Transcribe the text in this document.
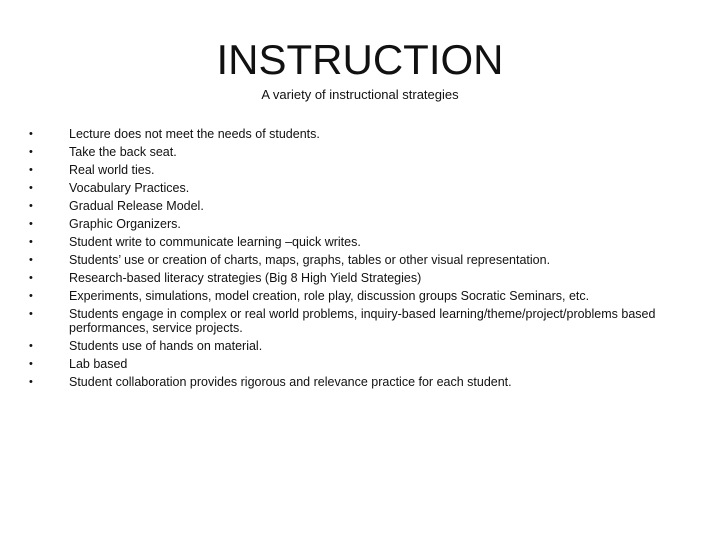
INSTRUCTION
A variety of instructional strategies
•	Lecture does not meet the needs of students.
•	Take the back seat.
•	Real world ties.
•	Vocabulary Practices.
•	Gradual Release Model.
•	Graphic Organizers.
•	Student write to communicate learning –quick writes.
•	Students’ use or creation of charts, maps, graphs, tables or other visual representation.
•	Research-based literacy strategies (Big 8 High Yield Strategies)
•	Experiments, simulations, model creation, role play, discussion groups Socratic Seminars, etc.
•	Students engage in complex or real world problems, inquiry-based learning/theme/project/problems based performances, service projects.
•	Students use of hands on material.
•	Lab based
•	Student collaboration provides rigorous and relevance practice for each student.
